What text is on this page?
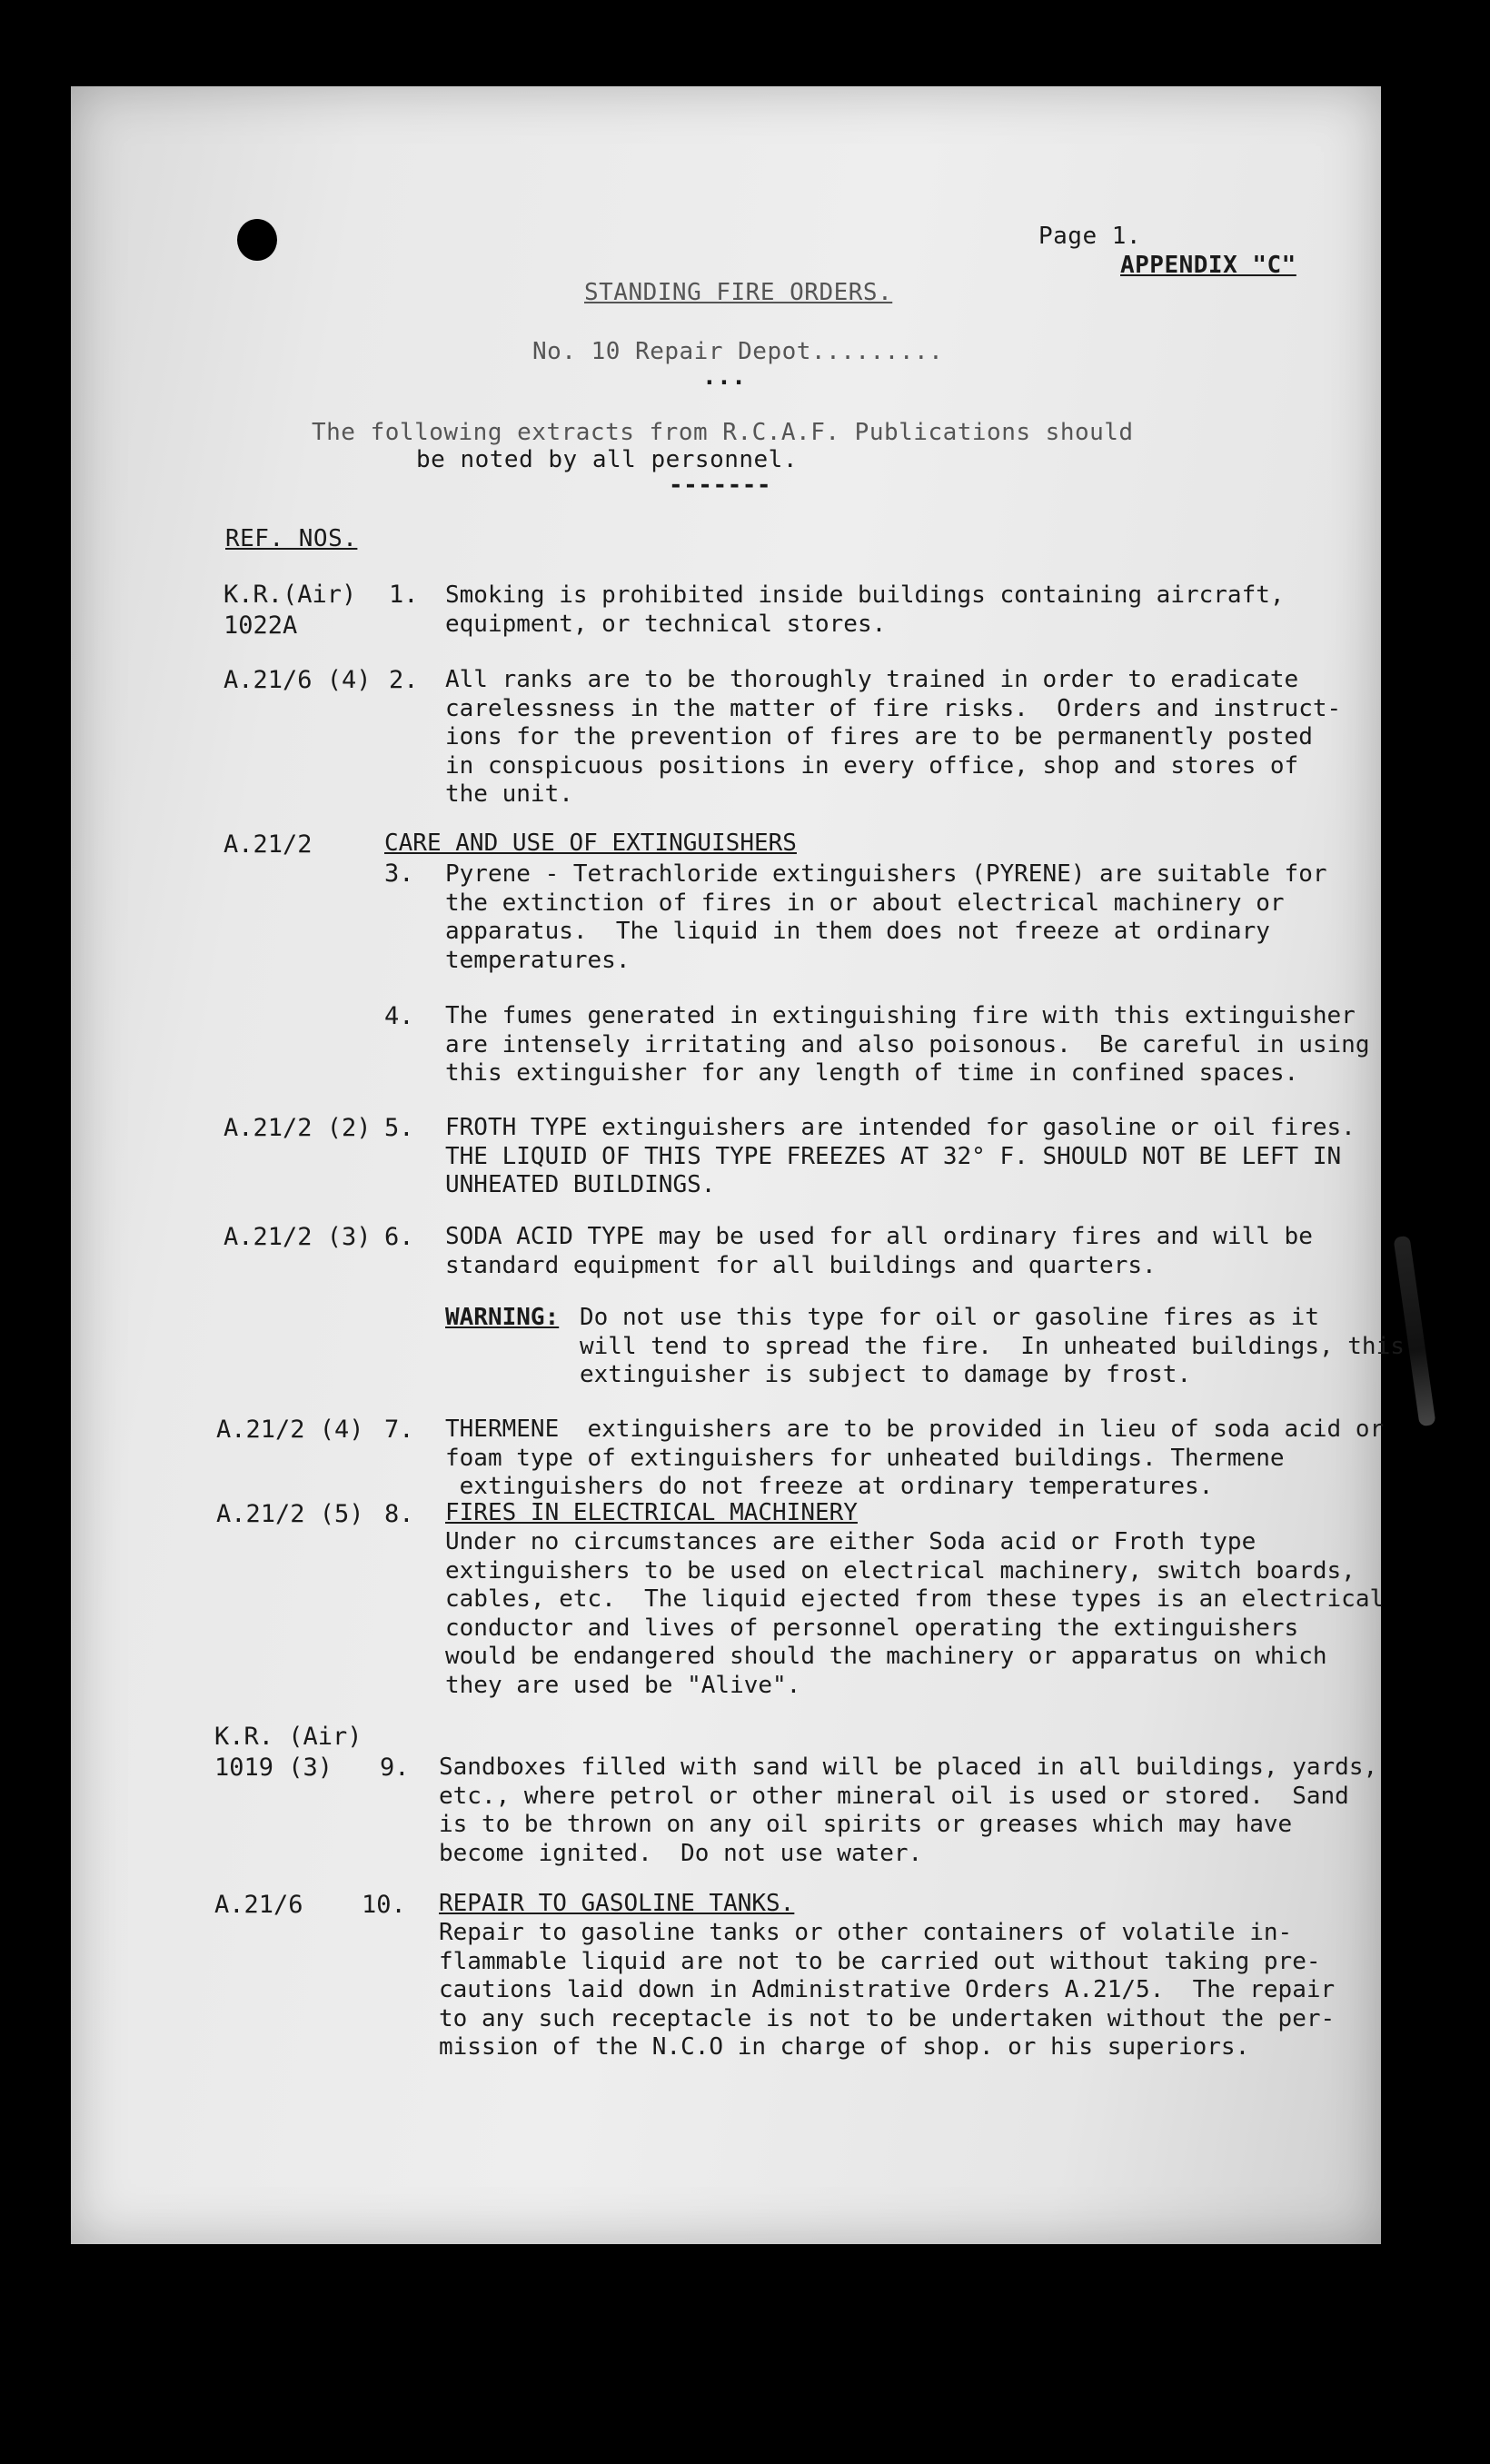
Page 1.
APPENDIX "C"
STANDING FIRE ORDERS.
No. 10 Repair Depot.........
...
The following extracts from R.C.A.F. Publications should
be noted by all personnel.
-------
REF. NOS.
K.R.(Air)
1022A
1. Smoking is prohibited inside buildings containing aircraft,
equipment, or technical stores.
A.21/6 (4) 2. All ranks are to be thoroughly trained in order to eradicate
carelessness in the matter of fire risks.  Orders and instruct-
ions for the prevention of fires are to be permanently posted
in conspicuous positions in every office, shop and stores of
the unit.
A.21/2	CARE AND USE OF EXTINGUISHERS
3. Pyrene - Tetrachloride extinguishers (PYRENE) are suitable for
the extinction of fires in or about electrical machinery or
apparatus.  The liquid in them does not freeze at ordinary
temperatures.
4. The fumes generated in extinguishing fire with this extinguisher
are intensely irritating and also poisonous.  Be careful in using
this extinguisher for any length of time in confined spaces.
A.21/2 (2) 5. FROTH TYPE extinguishers are intended for gasoline or oil fires.
THE LIQUID OF THIS TYPE FREEZES AT 32° F. SHOULD NOT BE LEFT IN
UNHEATED BUILDINGS.
A.21/2 (3) 6. SODA ACID TYPE may be used for all ordinary fires and will be
standard equipment for all buildings and quarters.
WARNING: Do not use this type for oil or gasoline fires as it
will tend to spread the fire.  In unheated buildings, this
extinguisher is subject to damage by frost.
A.21/2 (4) 7. THERMENE  extinguishers are to be provided in lieu of soda acid or
foam type of extinguishers for unheated buildings. Thermene
extinguishers do not freeze at ordinary temperatures.
A.21/2 (5) 8. FIRES IN ELECTRICAL MACHINERY
Under no circumstances are either Soda acid or Froth type
extinguishers to be used on electrical machinery, switch boards,
cables, etc.  The liquid ejected from these types is an electrical
conductor and lives of personnel operating the extinguishers
would be endangered should the machinery or apparatus on which
they are used be "Alive".
K.R. (Air)
1019 (3)	9. Sandboxes filled with sand will be placed in all buildings, yards,
etc., where petrol or other mineral oil is used or stored.  Sand
is to be thrown on any oil spirits or greases which may have
become ignited.  Do not use water.
A.21/6 10. REPAIR TO GASOLINE TANKS.
Repair to gasoline tanks or other containers of volatile in-
flammable liquid are not to be carried out without taking pre-
cautions laid down in Administrative Orders A.21/5.  The repair
to any such receptacle is not to be undertaken without the per-
mission of the N.C.O in charge of shop. or his superiors.
